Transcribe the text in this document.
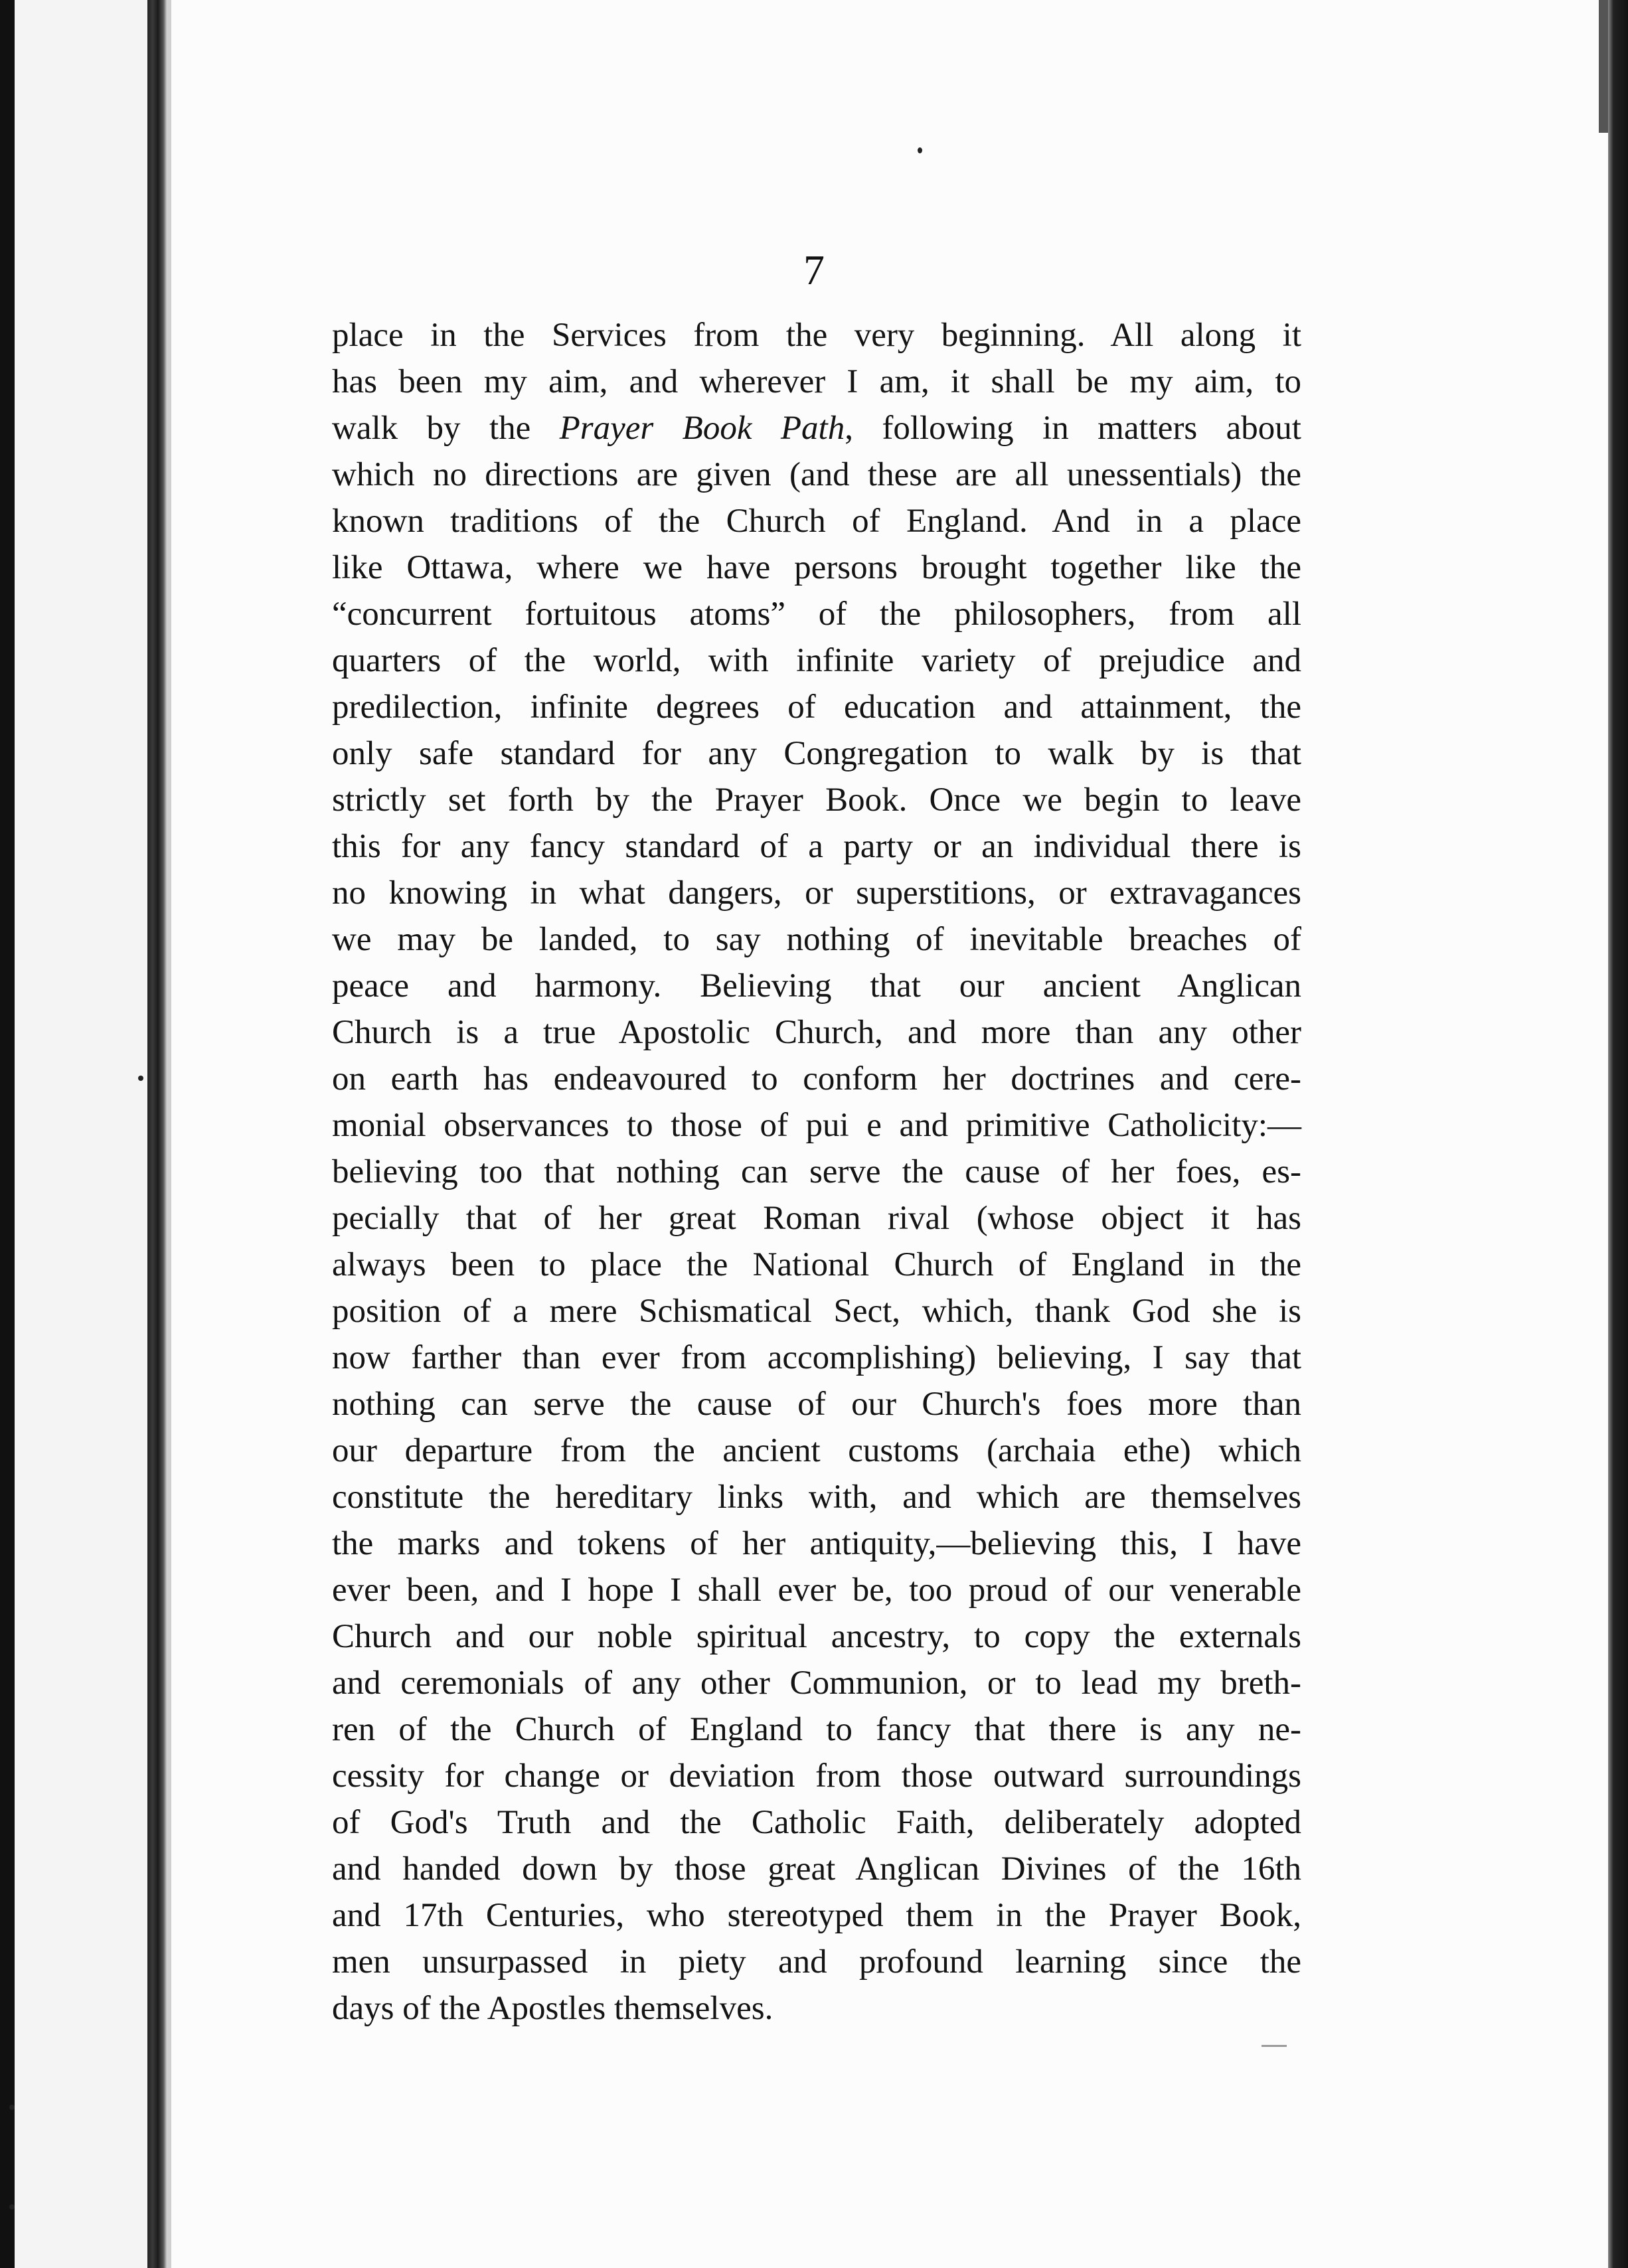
7
place in the Services from the very beginning. All along it
has been my aim, and wherever I am, it shall be my aim, to
walk by the Prayer Book Path, following in matters about
which no directions are given (and these are all unessentials) the
known traditions of the Church of England. And in a place
like Ottawa, where we have persons brought together like the
“concurrent fortuitous atoms” of the philosophers, from all
quarters of the world, with infinite variety of prejudice and
predilection, infinite degrees of education and attainment, the
only safe standard for any Congregation to walk by is that
strictly set forth by the Prayer Book. Once we begin to leave
this for any fancy standard of a party or an individual there is
no knowing in what dangers, or superstitions, or extravagances
we may be landed, to say nothing of inevitable breaches of
peace and harmony. Believing that our ancient Anglican
Church is a true Apostolic Church, and more than any other
on earth has endeavoured to conform her doctrines and cere-
monial observances to those of pui e and primitive Catholicity:—
believing too that nothing can serve the cause of her foes, es-
pecially that of her great Roman rival (whose object it has
always been to place the National Church of England in the
position of a mere Schismatical Sect, which, thank God she is
now farther than ever from accomplishing) believing, I say that
nothing can serve the cause of our Church's foes more than
our departure from the ancient customs (archaia ethe) which
constitute the hereditary links with, and which are themselves
the marks and tokens of her antiquity,—believing this, I have
ever been, and I hope I shall ever be, too proud of our venerable
Church and our noble spiritual ancestry, to copy the externals
and ceremonials of any other Communion, or to lead my breth-
ren of the Church of England to fancy that there is any ne-
cessity for change or deviation from those outward surroundings
of God's Truth and the Catholic Faith, deliberately adopted
and handed down by those great Anglican Divines of the 16th
and 17th Centuries, who stereotyped them in the Prayer Book,
men unsurpassed in piety and profound learning since the
days of the Apostles themselves.
